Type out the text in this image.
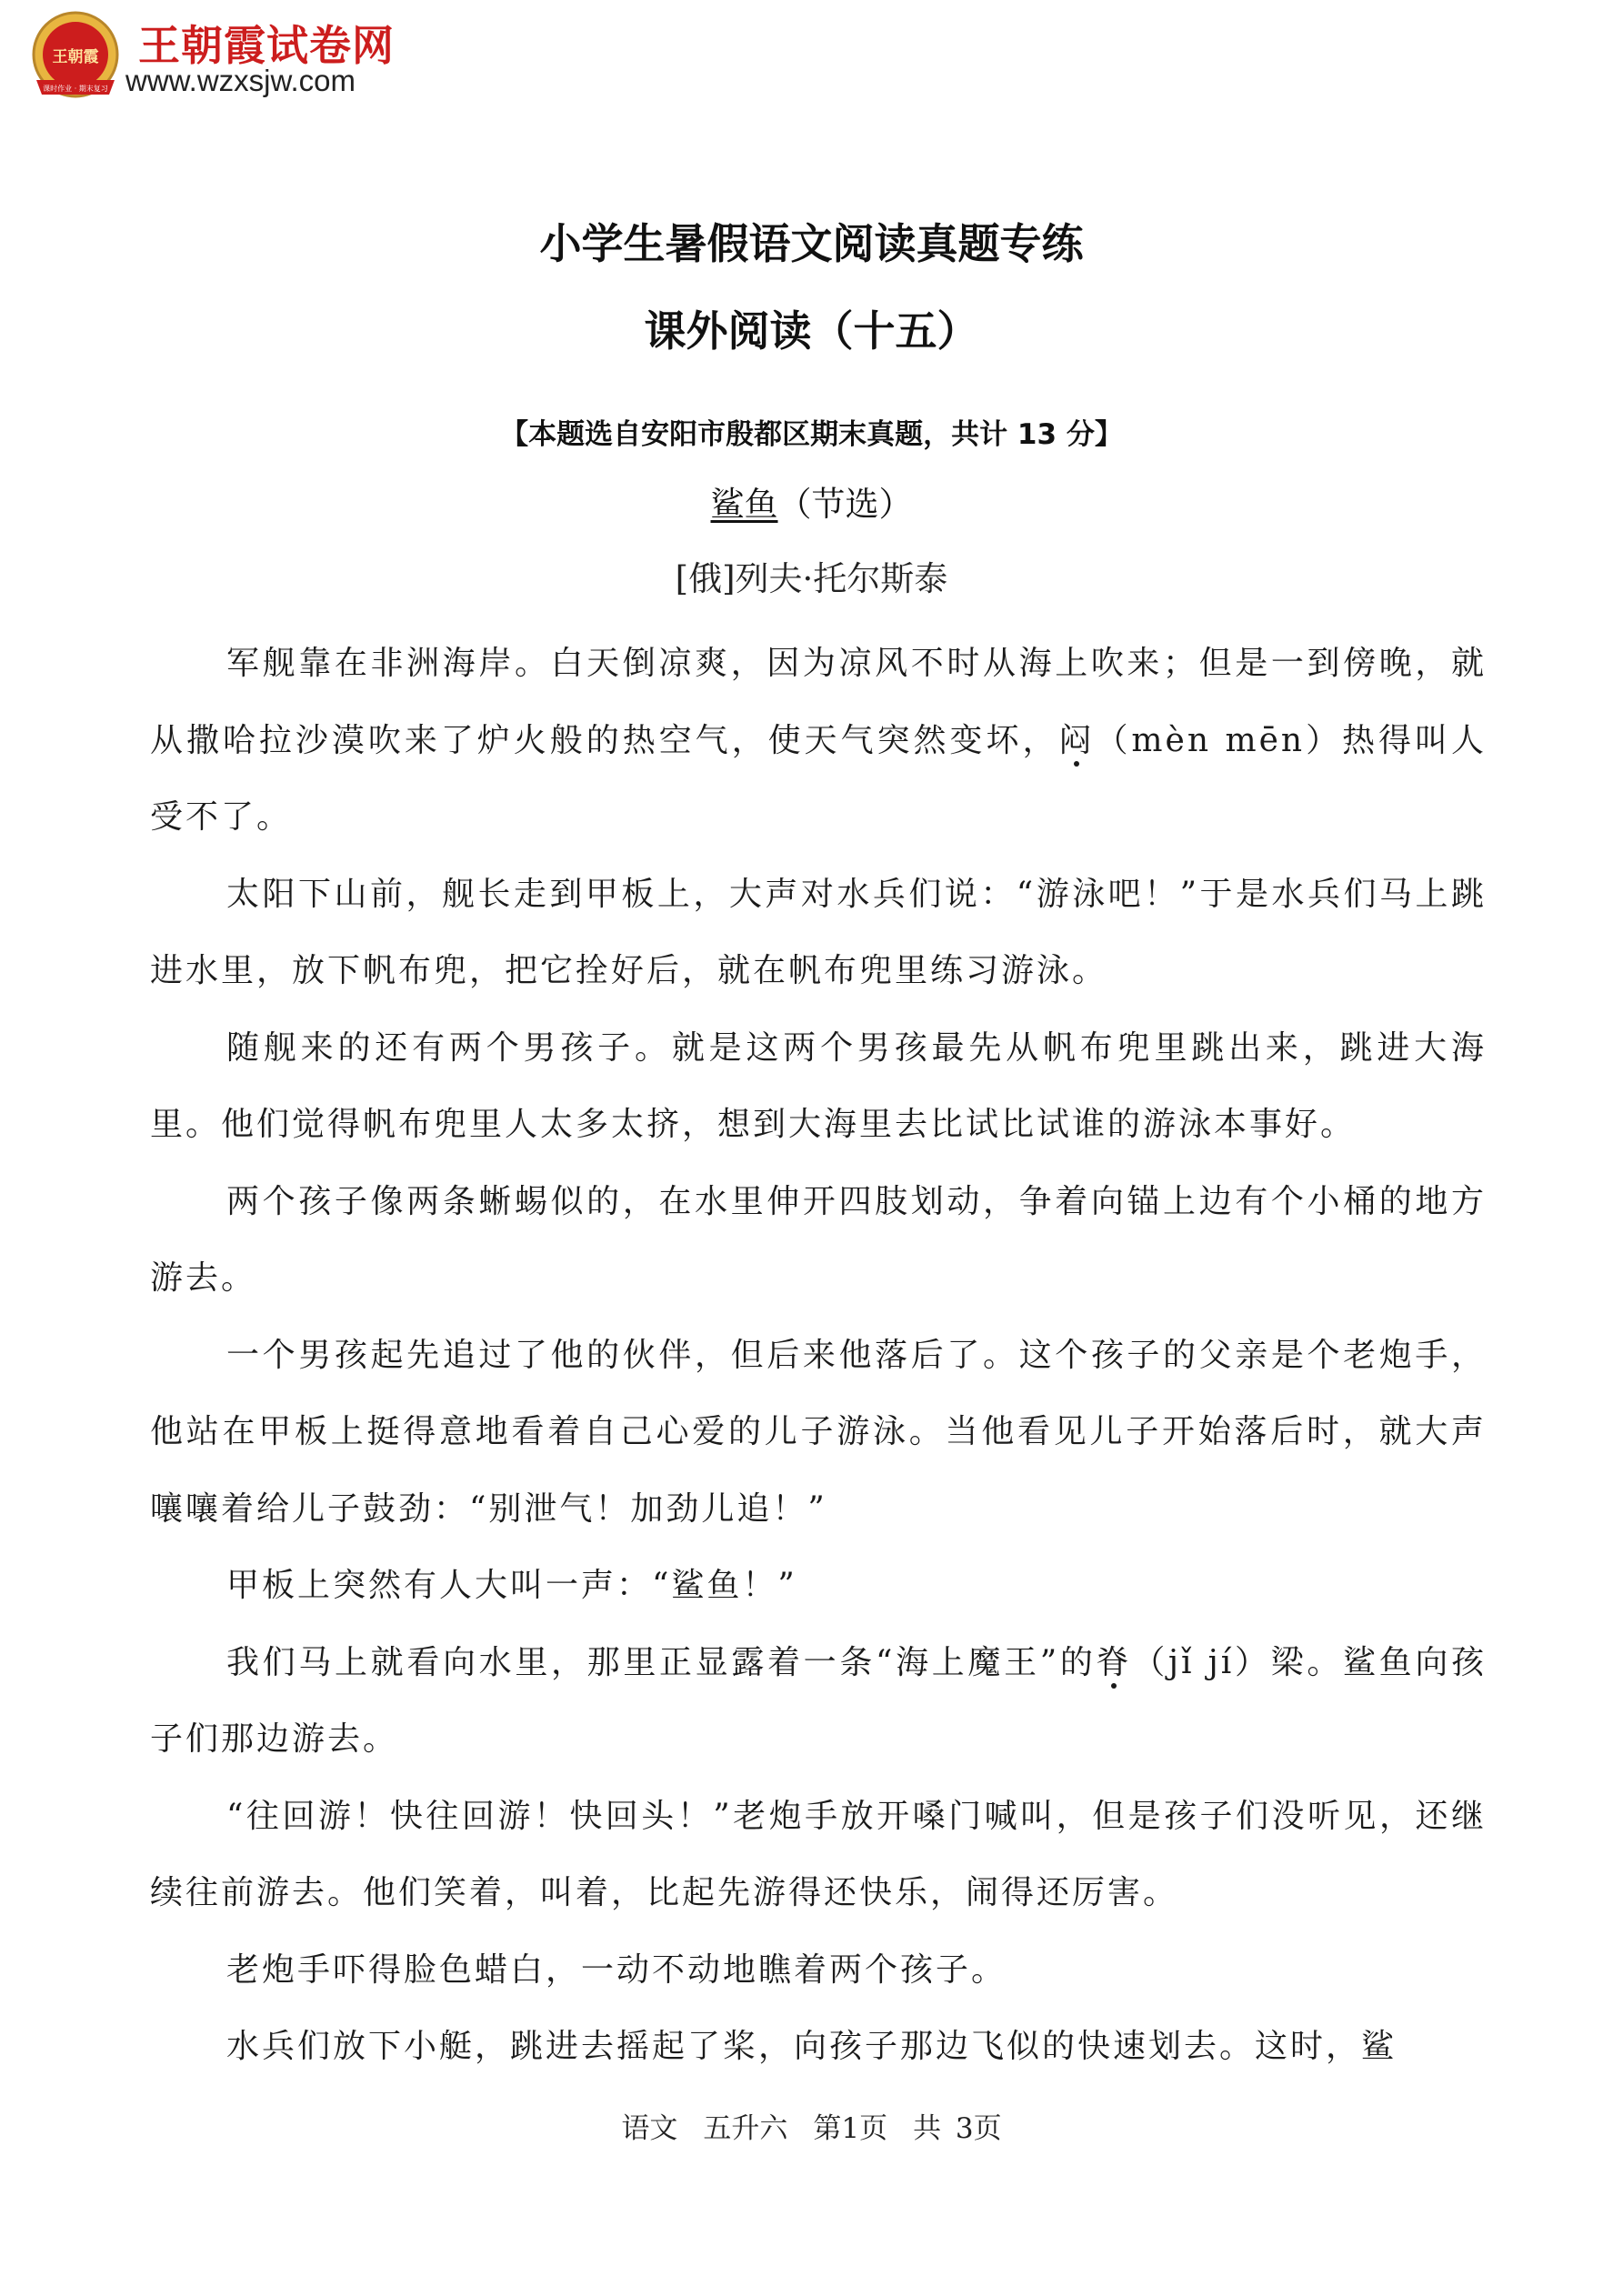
王朝霞
课时作业 · 期末复习
王朝霞试卷网
www.wzxsjw.com
小学生暑假语文阅读真题专练
课外阅读（十五）
【本题选自安阳市殷都区期末真题，共计 13 分】
鲨鱼（节选）
[俄]列夫·托尔斯泰

军舰靠在非洲海岸。白天倒凉爽，因为凉风不时从海上吹来；但是一到傍晚，就从撒哈拉沙漠吹来了炉火般的热空气，使天气突然变坏，闷（mèn mēn）热得叫人受不了。

太阳下山前，舰长走到甲板上，大声对水兵们说：“游泳吧！”于是水兵们马上跳进水里，放下帆布兜，把它拴好后，就在帆布兜里练习游泳。

随舰来的还有两个男孩子。就是这两个男孩最先从帆布兜里跳出来，跳进大海里。他们觉得帆布兜里人太多太挤，想到大海里去比试比试谁的游泳本事好。

两个孩子像两条蜥蜴似的，在水里伸开四肢划动，争着向锚上边有个小桶的地方游去。

一个男孩起先追过了他的伙伴，但后来他落后了。这个孩子的父亲是个老炮手，他站在甲板上挺得意地看着自己心爱的儿子游泳。当他看见儿子开始落后时，就大声嚷嚷着给儿子鼓劲：“别泄气！加劲儿追！”

甲板上突然有人大叫一声：“鲨鱼！”

我们马上就看向水里，那里正显露着一条“海上魔王”的脊（jǐ jí）梁。鲨鱼向孩子们那边游去。

“往回游！快往回游！快回头！”老炮手放开嗓门喊叫，但是孩子们没听见，还继续往前游去。他们笑着，叫着，比起先游得还快乐，闹得还厉害。

老炮手吓得脸色蜡白，一动不动地瞧着两个孩子。

水兵们放下小艇，跳进去摇起了桨，向孩子那边飞似的快速划去。这时，鲨

语文 五升六 第1页 共 3页
